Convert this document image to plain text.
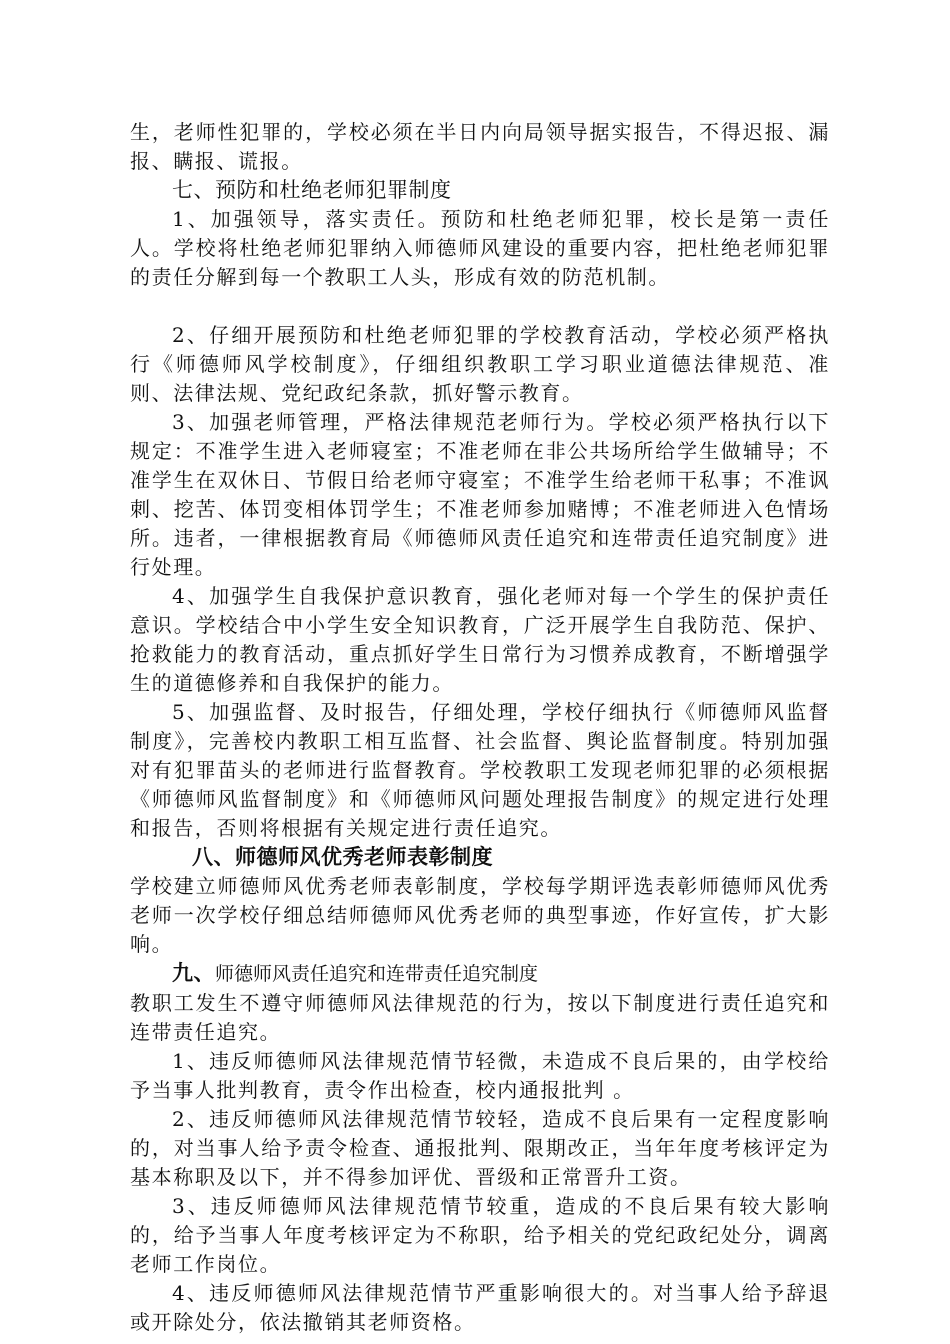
生，老师性犯罪的，学校必须在半日内向局领导据实报告，不得迟报、漏报、瞒报、谎报。

七、预防和杜绝老师犯罪制度

1、加强领导，落实责任。预防和杜绝老师犯罪，校长是第一责任人。学校将杜绝老师犯罪纳入师德师风建设的重要内容，把杜绝老师犯罪的责任分解到每一个教职工人头，形成有效的防范机制。

2、仔细开展预防和杜绝老师犯罪的学校教育活动，学校必须严格执行《师德师风学校制度》，仔细组织教职工学习职业道德法律规范、准则、法律法规、党纪政纪条款，抓好警示教育。

3、加强老师管理，严格法律规范老师行为。学校必须严格执行以下规定：不准学生进入老师寝室；不准老师在非公共场所给学生做辅导；不准学生在双休日、节假日给老师守寝室；不准学生给老师干私事；不准讽刺、挖苦、体罚变相体罚学生；不准老师参加赌博；不准老师进入色情场所。违者，一律根据教育局《师德师风责任追究和连带责任追究制度》进行处理。

4、加强学生自我保护意识教育，强化老师对每一个学生的保护责任意识。学校结合中小学生安全知识教育，广泛开展学生自我防范、保护、抢救能力的教育活动，重点抓好学生日常行为习惯养成教育，不断增强学生的道德修养和自我保护的能力。

5、加强监督、及时报告，仔细处理，学校仔细执行《师德师风监督制度》，完善校内教职工相互监督、社会监督、舆论监督制度。特别加强对有犯罪苗头的老师进行监督教育。学校教职工发现老师犯罪的必须根据《师德师风监督制度》和《师德师风问题处理报告制度》的规定进行处理和报告，否则将根据有关规定进行责任追究。

八、师德师风优秀老师表彰制度

学校建立师德师风优秀老师表彰制度，学校每学期评选表彰师德师风优秀老师一次学校仔细总结师德师风优秀老师的典型事迹，作好宣传，扩大影响。

九、师德师风责任追究和连带责任追究制度

教职工发生不遵守师德师风法律规范的行为，按以下制度进行责任追究和连带责任追究。

1、违反师德师风法律规范情节轻微，未造成不良后果的，由学校给予当事人批判教育，责令作出检查，校内通报批判 。

2、违反师德师风法律规范情节较轻，造成不良后果有一定程度影响的，对当事人给予责令检查、通报批判、限期改正，当年年度考核评定为基本称职及以下，并不得参加评优、晋级和正常晋升工资。

3、违反师德师风法律规范情节较重，造成的不良后果有较大影响的，给予当事人年度考核评定为不称职，给予相关的党纪政纪处分，调离老师工作岗位。

4、违反师德师风法律规范情节严重影响很大的。对当事人给予辞退或开除处分，依法撤销其老师资格。
